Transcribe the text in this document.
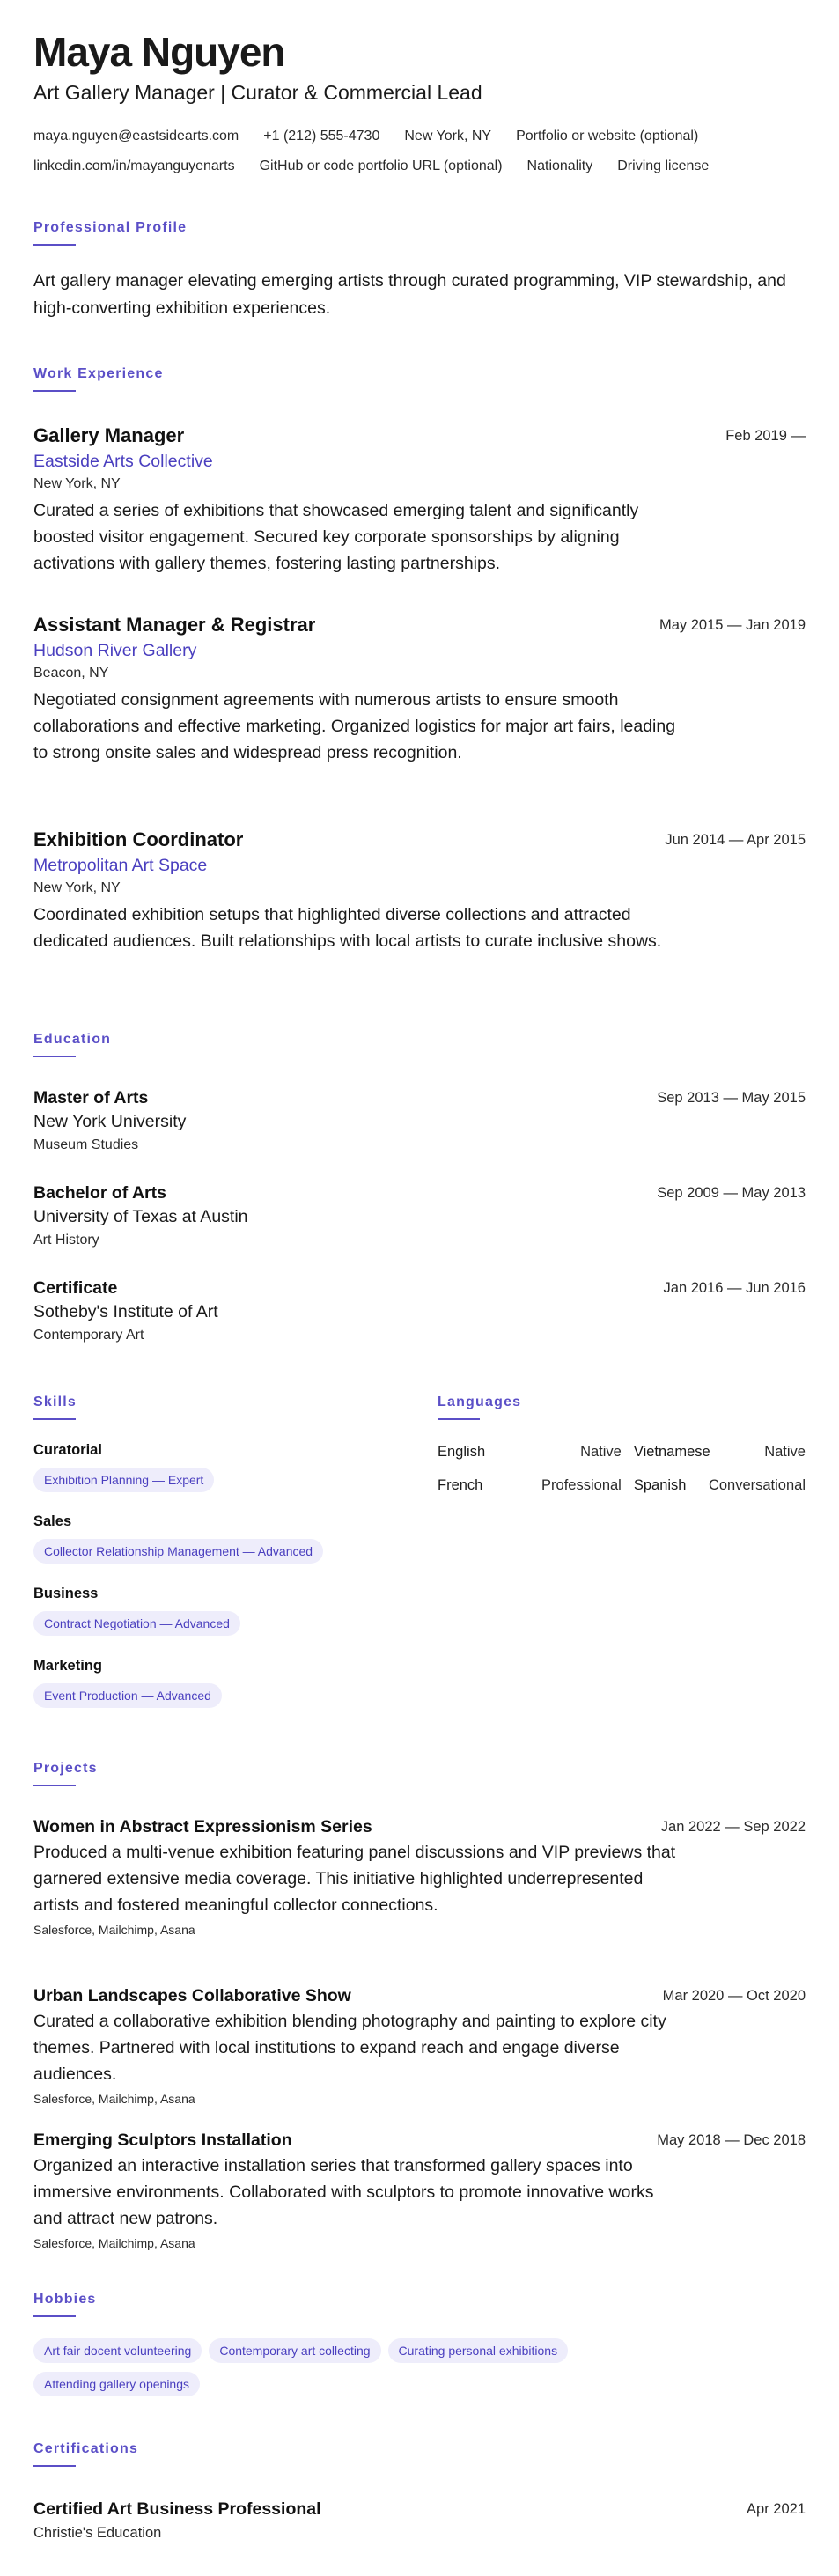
Maya Nguyen
Art Gallery Manager | Curator & Commercial Lead
maya.nguyen@eastsidearts.com +1 (212) 555-4730 New York, NY Portfolio or website (optional)
linkedin.com/in/mayanguyenarts GitHub or code portfolio URL (optional) Nationality Driving license
Professional Profile
Art gallery manager elevating emerging artists through curated programming, VIP stewardship, and high-converting exhibition experiences.
Work Experience
Gallery Manager
Eastside Arts Collective
New York, NY
Curated a series of exhibitions that showcased emerging talent and significantly boosted visitor engagement. Secured key corporate sponsorships by aligning activations with gallery themes, fostering lasting partnerships.
Feb 2019 —
Assistant Manager & Registrar
Hudson River Gallery
Beacon, NY
Negotiated consignment agreements with numerous artists to ensure smooth collaborations and effective marketing. Organized logistics for major art fairs, leading to strong onsite sales and widespread press recognition.
May 2015 — Jan 2019
Exhibition Coordinator
Metropolitan Art Space
New York, NY
Coordinated exhibition setups that highlighted diverse collections and attracted dedicated audiences. Built relationships with local artists to curate inclusive shows.
Jun 2014 — Apr 2015
Education
Master of Arts
New York University
Museum Studies
Sep 2013 — May 2015
Bachelor of Arts
University of Texas at Austin
Art History
Sep 2009 — May 2013
Certificate
Sotheby's Institute of Art
Contemporary Art
Jan 2016 — Jun 2016
Skills
Curatorial
Exhibition Planning — Expert
Sales
Collector Relationship Management — Advanced
Business
Contract Negotiation — Advanced
Marketing
Event Production — Advanced
Languages
English	Native Vietnamese	Native
French	Professional Spanish Conversational
Projects
Women in Abstract Expressionism Series
Produced a multi-venue exhibition featuring panel discussions and VIP previews that garnered extensive media coverage. This initiative highlighted underrepresented artists and fostered meaningful collector connections.
Salesforce, Mailchimp, Asana
Jan 2022 — Sep 2022
Urban Landscapes Collaborative Show
Curated a collaborative exhibition blending photography and painting to explore city themes. Partnered with local institutions to expand reach and engage diverse audiences.
Salesforce, Mailchimp, Asana
Mar 2020 — Oct 2020
Emerging Sculptors Installation
Organized an interactive installation series that transformed gallery spaces into immersive environments. Collaborated with sculptors to promote innovative works and attract new patrons.
Salesforce, Mailchimp, Asana
May 2018 — Dec 2018
Hobbies
Art fair docent volunteering Contemporary art collecting Curating personal exhibitions
Attending gallery openings
Certifications
Certified Art Business Professional
Christie's Education
Apr 2021
